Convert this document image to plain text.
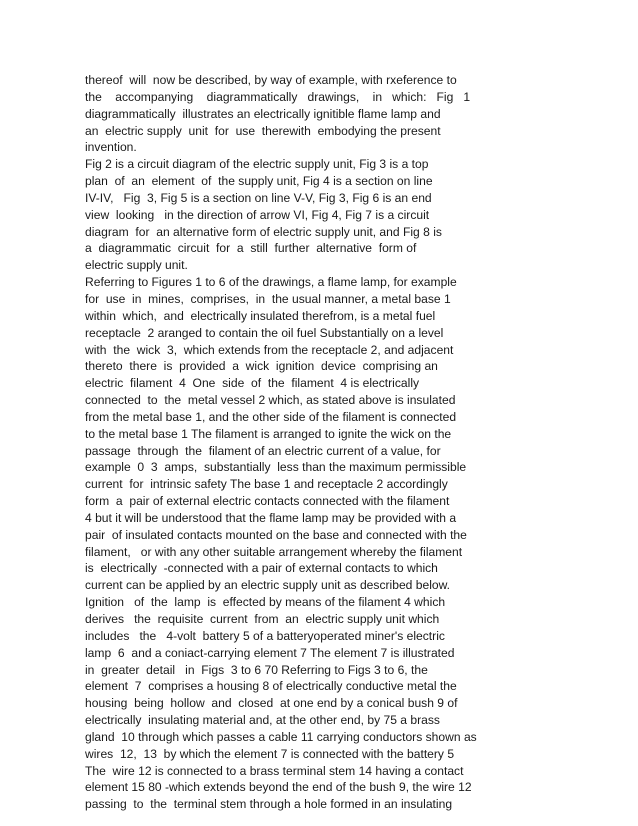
thereof  will  now be described, by way of example, with rxeference to
the    accompanying    diagrammatically   drawings,    in   which:   Fig   1
diagrammatically  illustrates an electrically ignitible flame lamp and
an  electric supply  unit  for  use  therewith  embodying the present
invention.
Fig 2 is a circuit diagram of the electric supply unit, Fig 3 is a top
plan  of  an  element  of  the supply unit, Fig 4 is a section on line
IV-IV,   Fig  3, Fig 5 is a section on line V-V, Fig 3, Fig 6 is an end
view  looking   in the direction of arrow VI, Fig 4, Fig 7 is a circuit
diagram  for  an alternative form of electric supply unit, and Fig 8 is
a  diagrammatic  circuit  for  a  still  further  alternative  form of
electric supply unit.
Referring to Figures 1 to 6 of the drawings, a flame lamp, for example
for  use  in  mines,  comprises,  in  the usual manner, a metal base 1
within  which,  and  electrically insulated therefrom, is a metal fuel
receptacle  2 aranged to contain the oil fuel Substantially on a level
with  the  wick  3,  which extends from the receptacle 2, and adjacent
thereto  there  is  provided  a  wick  ignition  device  comprising an
electric  filament  4  One  side  of  the  filament  4 is electrically
connected  to  the  metal vessel 2 which, as stated above is insulated
from the metal base 1, and the other side of the filament is connected
to the metal base 1 The filament is arranged to ignite the wick on the
passage  through  the  filament of an electric current of a value, for
example  0  3  amps,  substantially  less than the maximum permissible
current  for  intrinsic safety The base 1 and receptacle 2 accordingly
form  a  pair of external electric contacts connected with the filament
4 but it will be understood that the flame lamp may be provided with a
pair  of insulated contacts mounted on the base and connected with the
filament,   or with any other suitable arrangement whereby the filament
is  electrically  -connected with a pair of external contacts to which
current can be applied by an electric supply unit as described below.
Ignition   of  the  lamp  is  effected by means of the filament 4 which
derives   the  requisite  current  from  an  electric supply unit which
includes   the   4-volt  battery 5 of a batteryoperated miner's electric
lamp  6  and a coniact-carrying element 7 The element 7 is illustrated
in  greater  detail   in  Figs  3 to 6 70 Referring to Figs 3 to 6, the
element  7  comprises a housing 8 of electrically conductive metal the
housing  being  hollow  and  closed  at one end by a conical bush 9 of
electrically  insulating material and, at the other end, by 75 a brass
gland  10 through which passes a cable 11 carrying conductors shown as
wires  12,  13  by which the element 7 is connected with the battery 5
The  wire 12 is connected to a brass terminal stem 14 having a contact
element 15 80 -which extends beyond the end of the bush 9, the wire 12
passing  to  the  terminal stem through a hole formed in an insulating
